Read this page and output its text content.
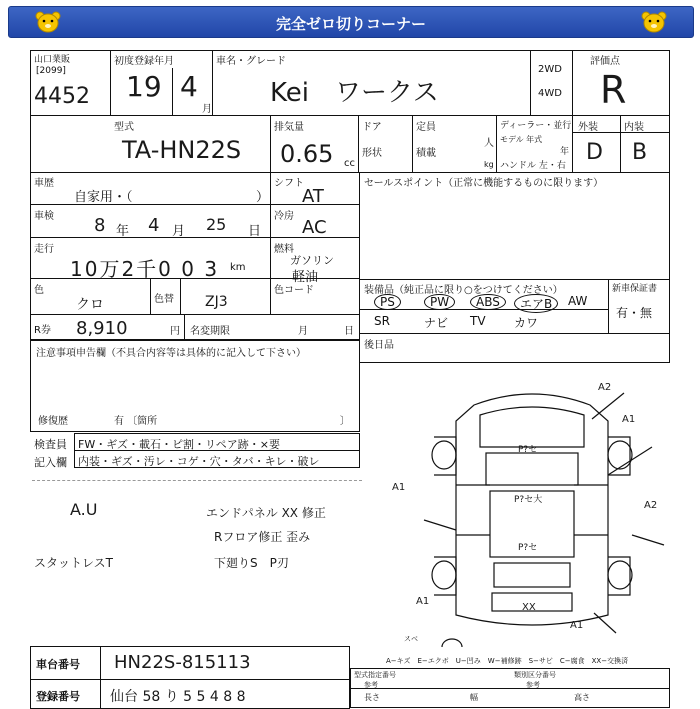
完全ゼロ切りコーナー
山口業販
[2099]
4452
初度登録年月
19 4
月
車名・グレード
Kei　ワークス
2WD
4WD
評価点
R
型式
TA-HN22S
排気量
0.65 cc
ドア
形状
定員
積載
人
kg
ディーラー・並行
モデル 年式
年
ハンドル 左・右
外装	内装
D B
車歴
自家用・（	）
シフト
AT
車検 8 年 4 月 25 日
冷房
AC
走行
10万2千0 0 3 km
燃料
ガソリン
軽油
色
クロ	色替
色コード
ZJ3
R券 8,910	円 名変期限	月	日
セールスポイント（正常に機能するものに限ります）
装備品（純正品に限り○をつけてください）	新車保証書
有・無
PS	PW	ABS	エアB	AW
SR	ナビ TV カワ
後日品
注意事項申告欄（不具合内容等は具体的に記入して下さい）
修復歴	有 〔箇所	〕
検査員 FW・ギズ・載石・ピ割・リペア跡・×要
記入欄 内装・ギズ・汚レ・コゲ・穴・タバ・キレ・破レ
A.U
スタットレスT
エンドパネル XX 修正
Rフロア修正 歪み
下廻りS　P刃
A2
A1
A1
A2
A1
A1
P?セ
P?セ大
P?セ
XX
スベ
A−キズ　E−エクボ　U−凹み　W−補修跡　S−サビ　C−腐食　XX−交換済
車台番号 HN22S-815113
登録番号 仙台 58 り 5 5 4 8 8
型式指定番号
参考
類別区分番号
参考
長さ	幅	高さ
